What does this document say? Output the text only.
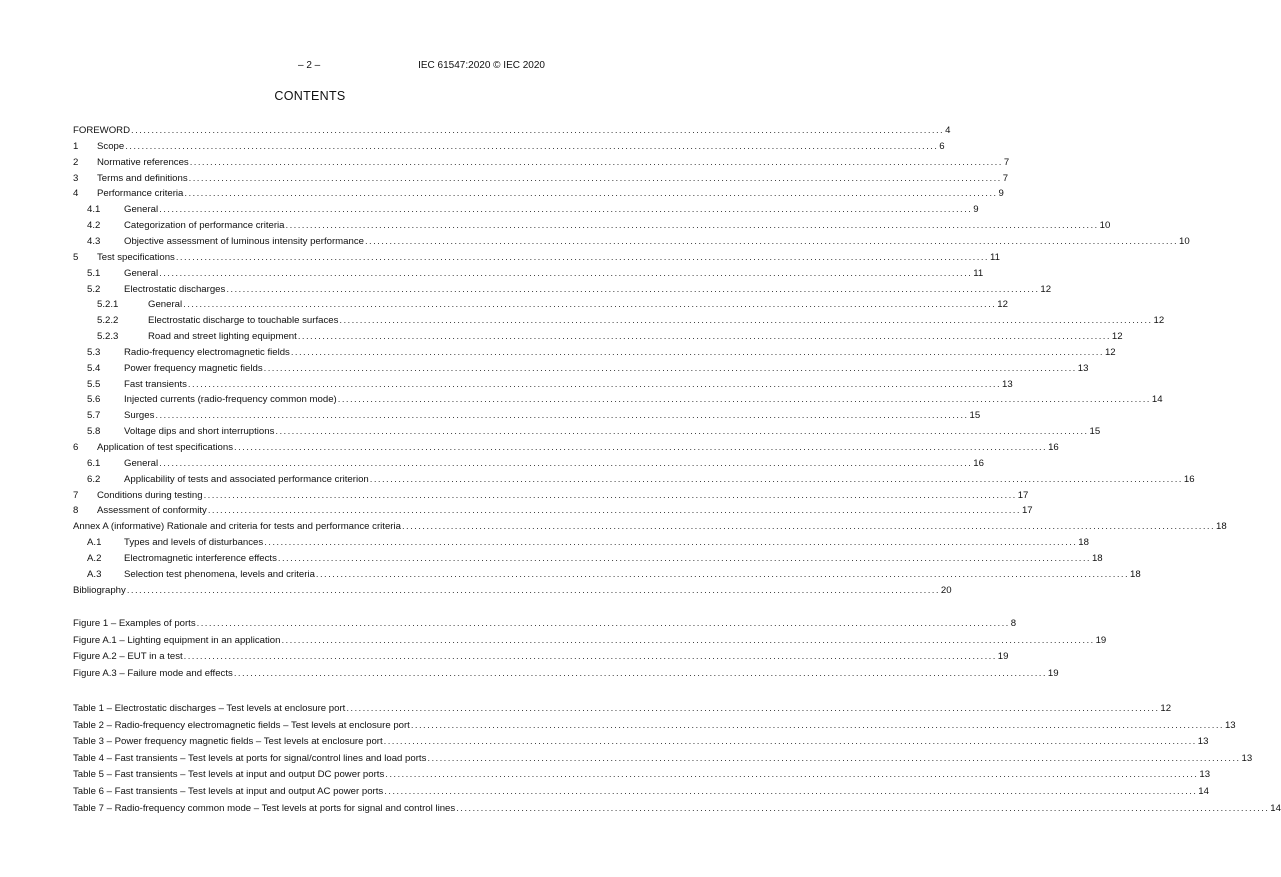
– 2 –	IEC 61547:2020 © IEC 2020
CONTENTS
FOREWORD ........................................................................................................................................................................................................ 4
1	Scope ........................................................................................................................................................................................................ 6
2	Normative references ........................................................................................................................................................................................................ 7
3	Terms and definitions ........................................................................................................................................................................................................ 7
4	Performance criteria ........................................................................................................................................................................................................ 9
4.1	General ........................................................................................................................................................................................................ 9
4.2	Categorization of performance criteria ........................................................................................................................................................................................................ 10
4.3	Objective assessment of luminous intensity performance ........................................................................................................................................................................................................ 10
5	Test specifications ........................................................................................................................................................................................................ 11
5.1	General ........................................................................................................................................................................................................ 11
5.2	Electrostatic discharges ........................................................................................................................................................................................................ 12
5.2.1	General ........................................................................................................................................................................................................ 12
5.2.2	Electrostatic discharge to touchable surfaces ........................................................................................................................................................................................................ 12
5.2.3	Road and street lighting equipment ........................................................................................................................................................................................................ 12
5.3	Radio-frequency electromagnetic fields ........................................................................................................................................................................................................ 12
5.4	Power frequency magnetic fields ........................................................................................................................................................................................................ 13
5.5	Fast transients ........................................................................................................................................................................................................ 13
5.6	Injected currents (radio-frequency common mode) ........................................................................................................................................................................................................ 14
5.7	Surges ........................................................................................................................................................................................................ 15
5.8	Voltage dips and short interruptions ........................................................................................................................................................................................................ 15
6	Application of test specifications ........................................................................................................................................................................................................ 16
6.1	General ........................................................................................................................................................................................................ 16
6.2	Applicability of tests and associated performance criterion ........................................................................................................................................................................................................ 16
7	Conditions during testing ........................................................................................................................................................................................................ 17
8	Assessment of conformity ........................................................................................................................................................................................................ 17
Annex A (informative) Rationale and criteria for tests and performance criteria ........................................................................................................................................................................................................ 18
A.1	Types and levels of disturbances ........................................................................................................................................................................................................ 18
A.2	Electromagnetic interference effects ........................................................................................................................................................................................................ 18
A.3	Selection test phenomena, levels and criteria ........................................................................................................................................................................................................ 18
Bibliography ........................................................................................................................................................................................................ 20
Figure 1 – Examples of ports ........................................................................................................................................................................................................ 8
Figure A.1 – Lighting equipment in an application ........................................................................................................................................................................................................ 19
Figure A.2 – EUT in a test ........................................................................................................................................................................................................ 19
Figure A.3 – Failure mode and effects ........................................................................................................................................................................................................ 19
Table 1 – Electrostatic discharges – Test levels at enclosure port ........................................................................................................................................................................................................ 12
Table 2 – Radio-frequency electromagnetic fields – Test levels at enclosure port ........................................................................................................................................................................................................ 13
Table 3 – Power frequency magnetic fields – Test levels at enclosure port ........................................................................................................................................................................................................ 13
Table 4 – Fast transients – Test levels at ports for signal/control lines and load ports ........................................................................................................................................................................................................ 13
Table 5 – Fast transients – Test levels at input and output DC power ports ........................................................................................................................................................................................................ 13
Table 6 – Fast transients – Test levels at input and output AC power ports ........................................................................................................................................................................................................ 14
Table 7 – Radio-frequency common mode – Test levels at ports for signal and control lines ........................................................................................................................................................................................................ 14
